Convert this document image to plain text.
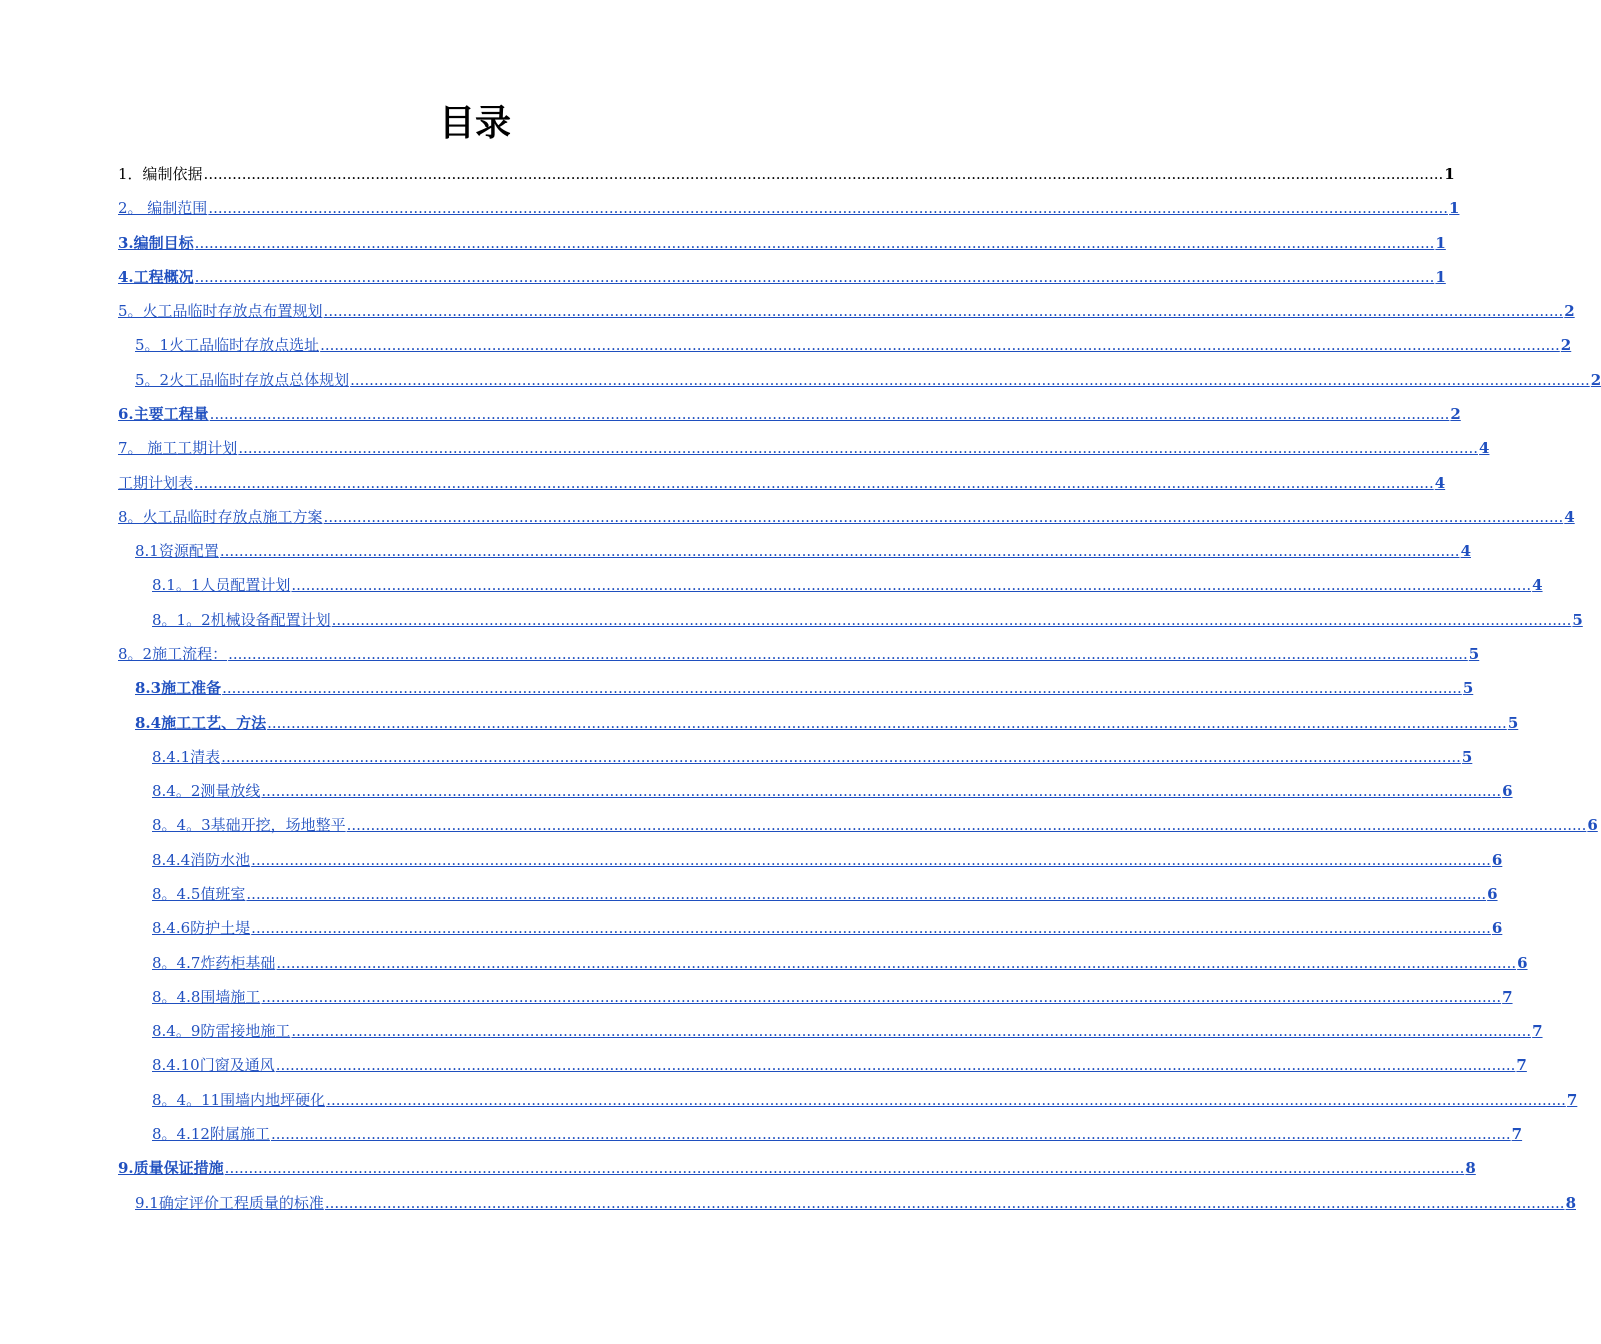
目录
1．编制依据 .................................................................................................................................................................................................................................................................... 1
2。 编制范围 .................................................................................................................................................................................................................................................................... 1
3.编制目标 .................................................................................................................................................................................................................................................................... 1
4.工程概况 .................................................................................................................................................................................................................................................................... 1
5。火工品临时存放点布置规划 .................................................................................................................................................................................................................................................................... 2
5。1火工品临时存放点选址 .................................................................................................................................................................................................................................................................... 2
5。2火工品临时存放点总体规划 .................................................................................................................................................................................................................................................................... 2
6.主要工程量 .................................................................................................................................................................................................................................................................... 2
7。 施工工期计划 .................................................................................................................................................................................................................................................................... 4
工期计划表 .................................................................................................................................................................................................................................................................... 4
8。火工品临时存放点施工方案 .................................................................................................................................................................................................................................................................... 4
8.1资源配置 .................................................................................................................................................................................................................................................................... 4
8.1。1人员配置计划 .................................................................................................................................................................................................................................................................... 4
8。1。2机械设备配置计划 .................................................................................................................................................................................................................................................................... 5
8。2施工流程： .................................................................................................................................................................................................................................................................... 5
8.3施工准备 .................................................................................................................................................................................................................................................................... 5
8.4施工工艺、方法 .................................................................................................................................................................................................................................................................... 5
8.4.1清表 .................................................................................................................................................................................................................................................................... 5
8.4。2测量放线 .................................................................................................................................................................................................................................................................... 6
8。4。3基础开挖，场地整平 .................................................................................................................................................................................................................................................................... 6
8.4.4消防水池 .................................................................................................................................................................................................................................................................... 6
8。4.5值班室 .................................................................................................................................................................................................................................................................... 6
8.4.6防护土堤 .................................................................................................................................................................................................................................................................... 6
8。4.7炸药柜基础 .................................................................................................................................................................................................................................................................... 6
8。4.8围墙施工 .................................................................................................................................................................................................................................................................... 7
8.4。9防雷接地施工 .................................................................................................................................................................................................................................................................... 7
8.4.10门窗及通风 .................................................................................................................................................................................................................................................................... 7
8。4。11围墙内地坪硬化 .................................................................................................................................................................................................................................................................... 7
8。4.12附属施工 .................................................................................................................................................................................................................................................................... 7
9.质量保证措施 .................................................................................................................................................................................................................................................................... 8
9.1确定评价工程质量的标准 .................................................................................................................................................................................................................................................................... 8
